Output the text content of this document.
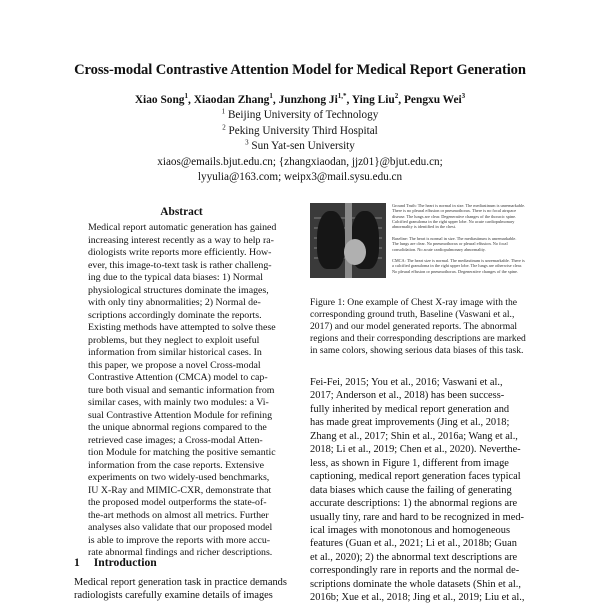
Cross-modal Contrastive Attention Model for Medical Report Generation
Xiao Song$^1$, Xiaodan Zhang$^1$, Junzhong $Ji^{1,*}$, Ying Liu$^2$, Pengxu Wei$^3$
$^1$ Beijing University of Technology
$^2$ Peking University Third Hospital
$^3$ Sun Yat-sen University
xiaos@emails.bjut.edu.cn; {zhangxiaodan, jjz01}@bjut.edu.cn;
lyyulia@163.com; weipx3@mail.sysu.edu.cn
Abstract
Medical report automatic generation has gained
increasing interest recently as a way to help ra-
diologists write reports more efficiently. How-
ever, this image-to-text task is rather challeng-
ing due to the typical data biases: 1) Normal
physiological structures dominate the images,
with only tiny abnormalities; 2) Normal de-
scriptions accordingly dominate the reports.
Existing methods have attempted to solve these
problems, but they neglect to exploit useful
information from similar historical cases. In
this paper, we propose a novel Cross-modal
Contrastive Attention (CMCA) model to cap-
ture both visual and semantic information from
similar cases, with mainly two modules: a Vi-
sual Contrastive Attention Module for refining
the unique abnormal regions compared to the
retrieved case images; a Cross-modal Atten-
tion Module for matching the positive semantic
information from the case reports. Extensive
experiments on two widely-used benchmarks,
IU X-Ray and MIMIC-CXR, demonstrate that
the proposed model outperforms the state-of-
the-art methods on almost all metrics. Further
analyses also validate that our proposed model
is able to improve the reports with more accu-
rate abnormal findings and richer descriptions.
1 Introduction
Medical report generation task in practice demands
radiologists carefully examine details of images
Ground Truth: The heart is normal in size. The mediastinum is unremarkable.
There is no pleural effusion or pneumothorax. There is no focal airspace
disease. The lungs are clear. Degenerative changes of the thoracic spine.
Calcified granuloma in the right upper lobe. No acute cardiopulmonary
abnormality is identified in the chest.
Baseline: The heart is normal in size. The mediastinum is unremarkable.
The lungs are clear. No pneumothorax or pleural effusion. No focal
consolidation. No acute cardiopulmonary abnormality.
CMCA: The heart size is normal. The mediastinum is unremarkable. There is
a calcified granuloma in the right upper lobe. The lungs are otherwise clear.
No pleural effusion or pneumothorax. Degenerative changes of the spine.
Figure 1: One example of Chest X-ray image with the
corresponding ground truth, Baseline (Vaswani et al.,
2017) and our model generated reports. The abnormal
regions and their corresponding descriptions are marked
in same colors, showing serious data biases of this task.
Fei-Fei, 2015; You et al., 2016; Vaswani et al.,
2017; Anderson et al., 2018) has been success-
fully inherited by medical report generation and
has made great improvements (Jing et al., 2018;
Zhang et al., 2017; Shin et al., 2016a; Wang et al.,
2018; Li et al., 2019; Chen et al., 2020). Neverthe-
less, as shown in Figure 1, different from image
captioning, medical report generation faces typical
data biases which cause the failing of generating
accurate descriptions: 1) the abnormal regions are
usually tiny, rare and hard to be recognized in med-
ical images with monotonous and homogeneous
features (Guan et al., 2021; Li et al., 2018b; Guan
et al., 2020); 2) the abnormal text descriptions are
correspondingly rare in reports and the normal de-
scriptions dominate the whole datasets (Shin et al.,
2016b; Xue et al., 2018; Jing et al., 2019; Liu et al.,
